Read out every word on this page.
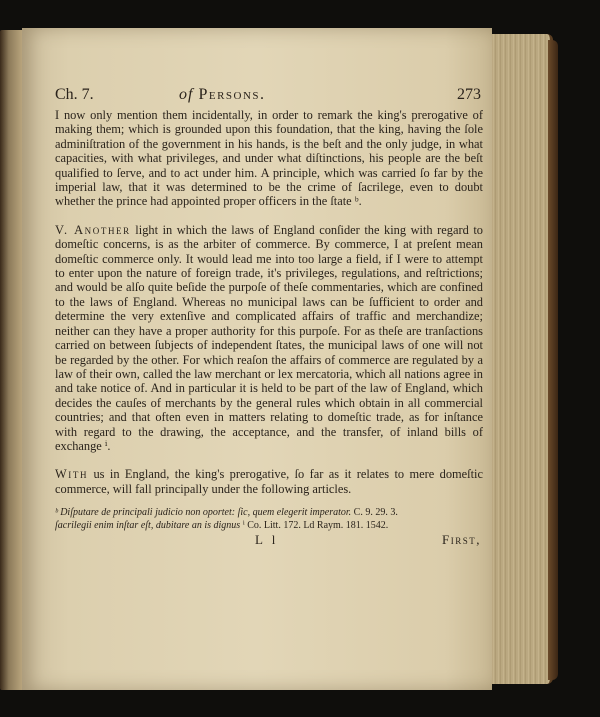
Ch. 7.	of Persons.	273

I now only mention them incidentally, in order to remark the king's prerogative of making them; which is grounded upon this foundation, that the king, having the ſole adminiſtration of the government in his hands, is the beſt and the only judge, in what capacities, with what privileges, and under what diſtinctions, his people are the beſt qualified to ſerve, and to act under him. A principle, which was carried ſo far by the imperial law, that it was determined to be the crime of ſacrilege, even to doubt whether the prince had appointed proper officers in the ſtate ᵇ.

V. Another light in which the laws of England conſider the king with regard to domeſtic concerns, is as the arbiter of commerce. By commerce, I at preſent mean domeſtic commerce only. It would lead me into too large a field, if I were to attempt to enter upon the nature of foreign trade, it's privileges, regulations, and reſtrictions; and would be alſo quite beſide the purpoſe of theſe commentaries, which are confined to the laws of England. Whereas no municipal laws can be ſufficient to order and determine the very extenſive and complicated affairs of traffic and merchandize; neither can they have a proper authority for this purpoſe. For as theſe are tranſactions carried on between ſubjects of independent ſtates, the municipal laws of one will not be regarded by the other. For which reaſon the affairs of commerce are regulated by a law of their own, called the law merchant or lex mercatoria, which all nations agree in and take notice of. And in particular it is held to be part of the law of England, which decides the cauſes of merchants by the general rules which obtain in all commercial countries; and that often even in matters relating to domeſtic trade, as for inſtance with regard to the drawing, the acceptance, and the transfer, of inland bills of exchange ⁱ.

With us in England, the king's prerogative, ſo far as it relates to mere domeſtic commerce, will fall principally under the following articles.

ᵇ Diſputare de principali judicio non oportet: ſic, quem elegerit imperator. C. 9. 29. 3.
ſacrilegii enim inſtar eſt, dubitare an is dignus ⁱ Co. Litt. 172. Ld Raym. 181. 1542.
L l	First,
